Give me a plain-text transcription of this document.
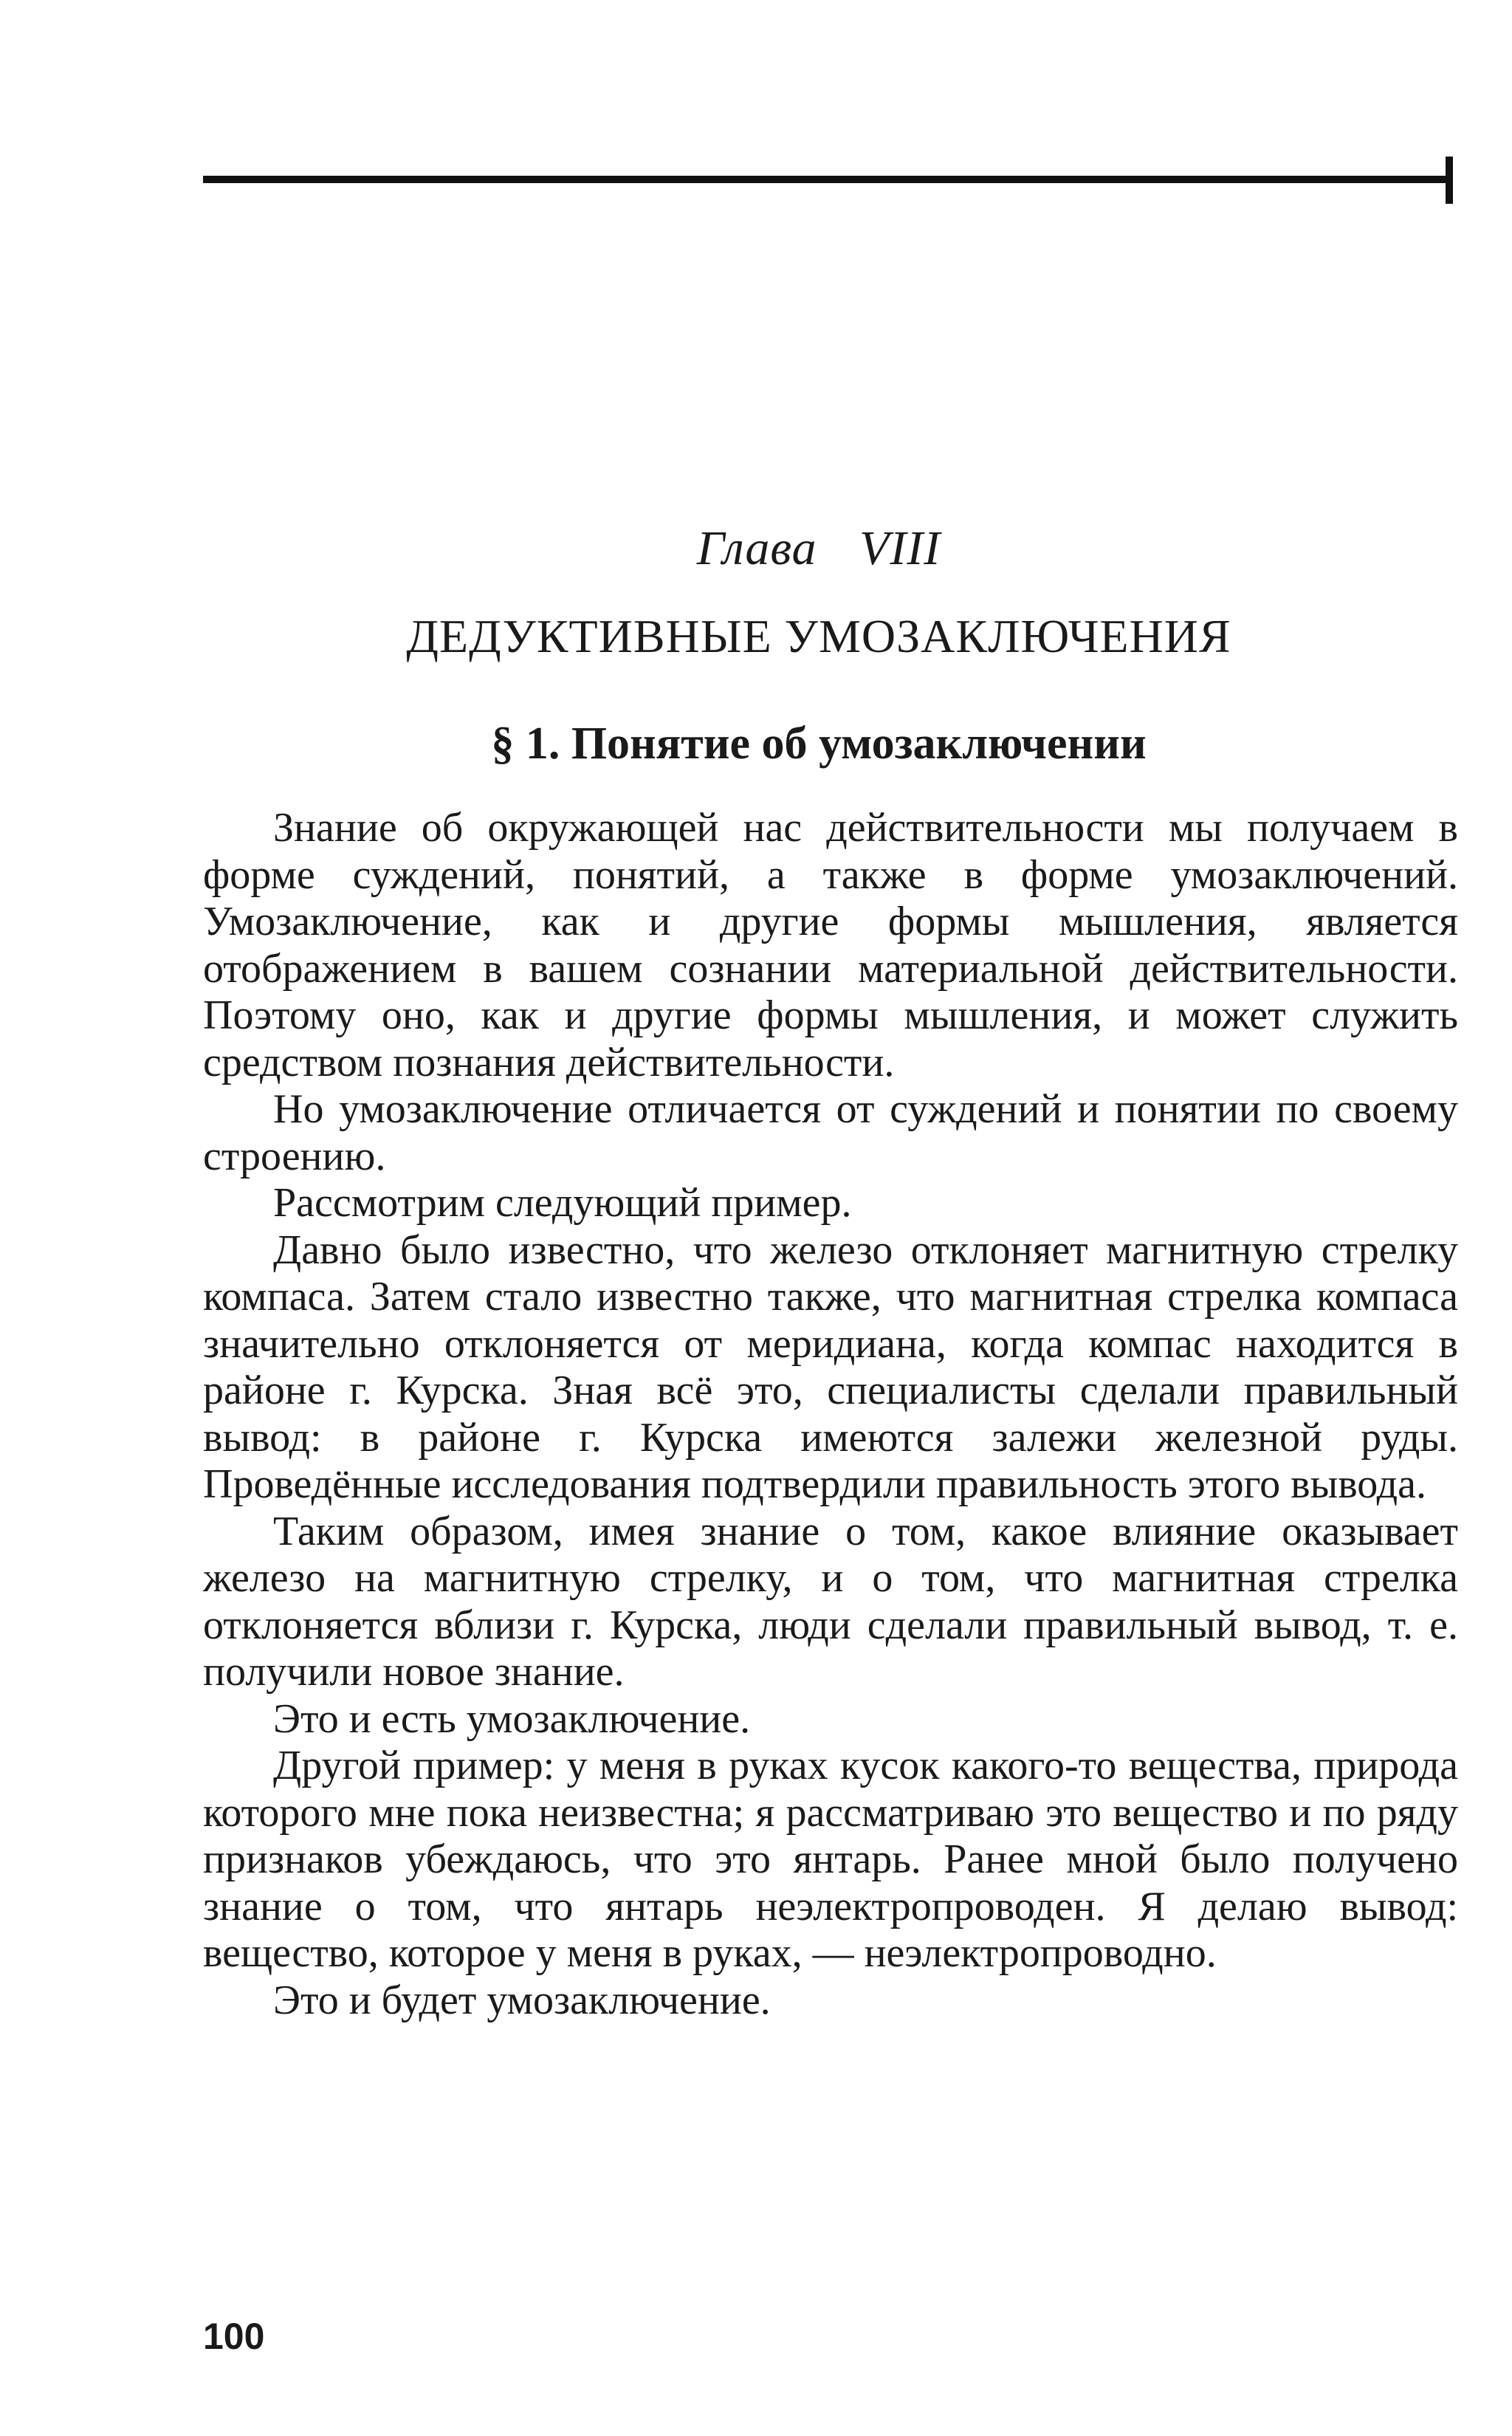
Глава VIII
ДЕДУКТИВНЫЕ УМОЗАКЛЮЧЕНИЯ
§ 1. Понятие об умозаключении

Знание об окружающей нас действительности мы получаем в форме суждений, понятий, а также в форме умозаключений. Умозаключение, как и другие формы мышления, является отображением в вашем сознании материальной действительности. Поэтому оно, как и другие формы мышления, и может служить средством познания действительности.

Но умозаключение отличается от суждений и понятии по своему строению.

Рассмотрим следующий пример.

Давно было известно, что железо отклоняет магнитную стрелку компаса. Затем стало известно также, что магнитная стрелка компаса значительно отклоняется от меридиана, когда компас находится в районе г. Курска. Зная всё это, специалисты сделали правильный вывод: в районе г. Курска имеются залежи железной руды. Проведённые исследования подтвердили правильность этого вывода.

Таким образом, имея знание о том, какое влияние оказывает железо на магнитную стрелку, и о том, что магнитная стрелка отклоняется вблизи г. Курска, люди сделали правильный вывод, т. е. получили новое знание.

Это и есть умозаключение.

Другой пример: у меня в руках кусок какого-то вещества, природа которого мне пока неизвестна; я рассматриваю это вещество и по ряду признаков убеждаюсь, что это янтарь. Ранее мной было получено знание о том, что янтарь неэлектропроводен. Я делаю вывод: вещество, которое у меня в руках, — неэлектропроводно.

Это и будет умозаключение.

100
